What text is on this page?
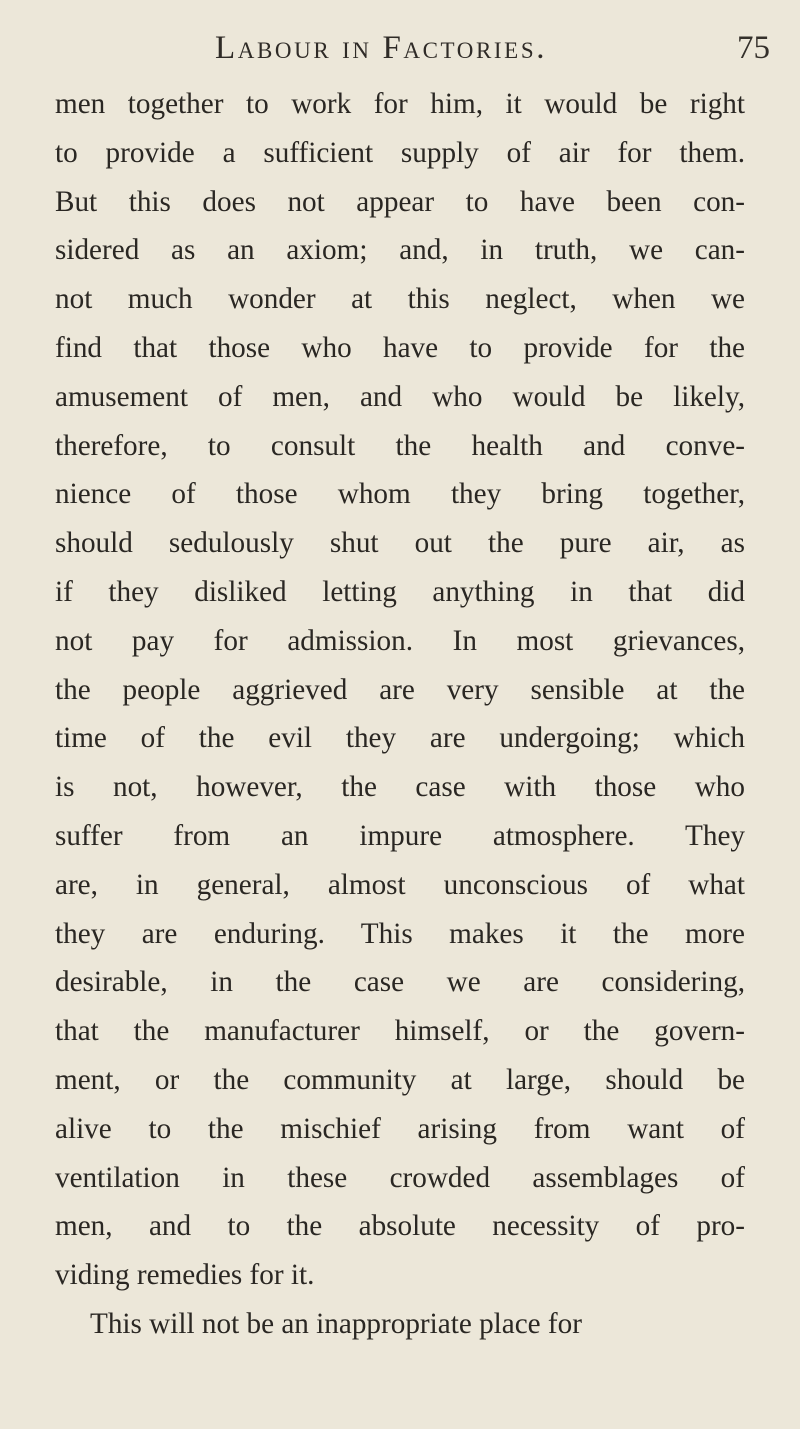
Labour in Factories.	75
men together to work for him, it would be right
to provide a sufficient supply of air for them.
But this does not appear to have been con-
sidered as an axiom; and, in truth, we can-
not much wonder at this neglect, when we
find that those who have to provide for the
amusement of men, and who would be likely,
therefore, to consult the health and conve-
nience of those whom they bring together,
should sedulously shut out the pure air, as
if they disliked letting anything in that did
not pay for admission. In most grievances,
the people aggrieved are very sensible at the
time of the evil they are undergoing; which
is not, however, the case with those who
suffer from an impure atmosphere. They
are, in general, almost unconscious of what
they are enduring. This makes it the more
desirable, in the case we are considering,
that the manufacturer himself, or the govern-
ment, or the community at large, should be
alive to the mischief arising from want of
ventilation in these crowded assemblages of
men, and to the absolute necessity of pro-
viding remedies for it.
This will not be an inappropriate place for
